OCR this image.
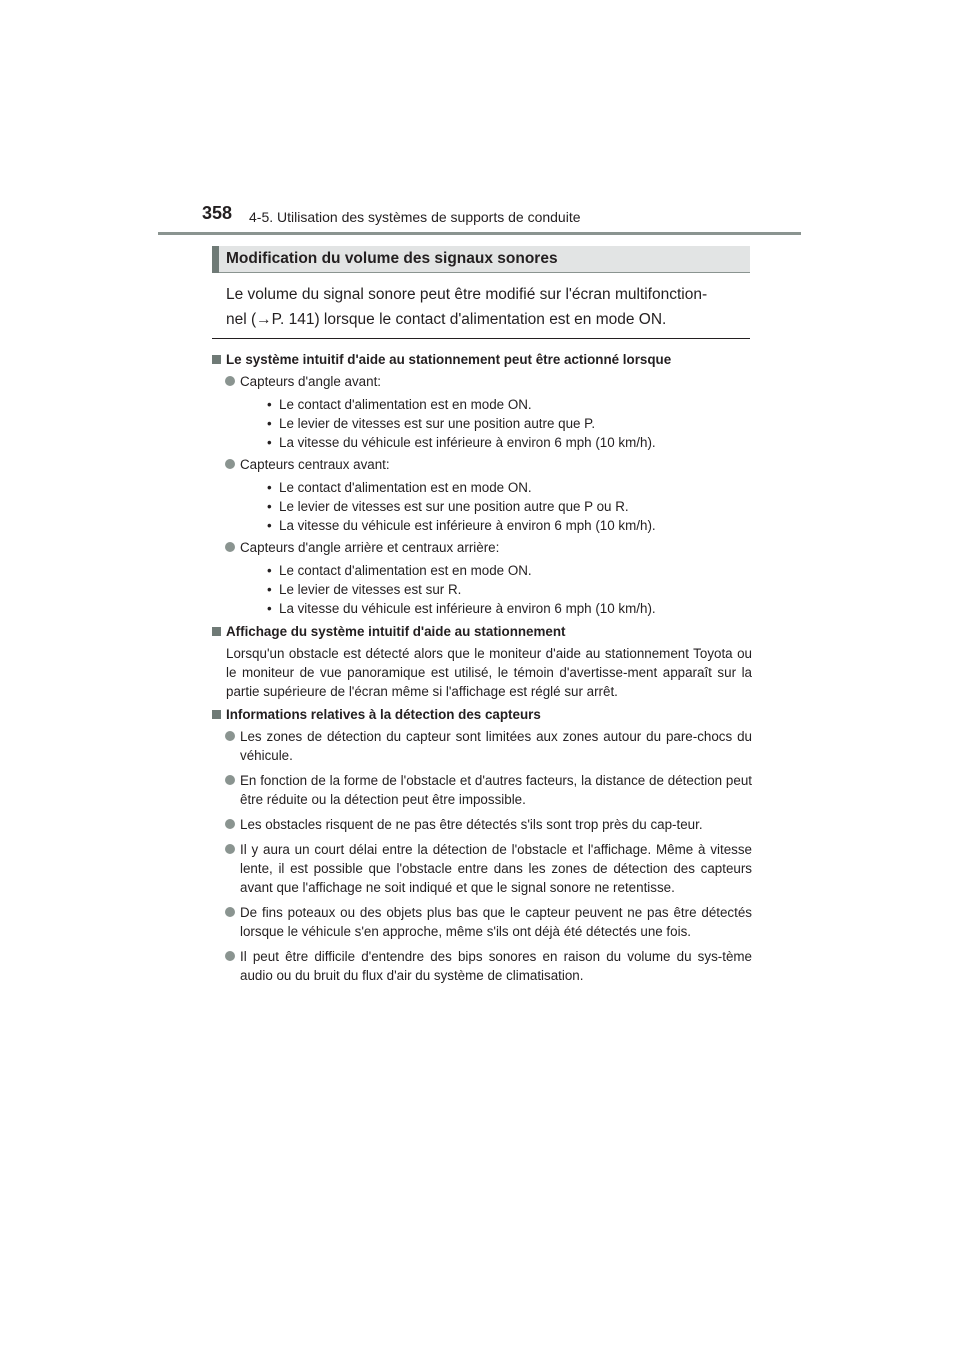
358 4-5. Utilisation des systèmes de supports de conduite
Modification du volume des signaux sonores

Le volume du signal sonore peut être modifié sur l'écran multifonction-

nel (→P. 141) lorsque le contact d'alimentation est en mode ON.

Le système intuitif d'aide au stationnement peut être actionné lorsque
Capteurs d'angle avant:
• Le contact d'alimentation est en mode ON.
• Le levier de vitesses est sur une position autre que P.
• La vitesse du véhicule est inférieure à environ 6 mph (10 km/h).
Capteurs centraux avant:
• Le contact d'alimentation est en mode ON.
• Le levier de vitesses est sur une position autre que P ou R.
• La vitesse du véhicule est inférieure à environ 6 mph (10 km/h).
Capteurs d'angle arrière et centraux arrière:
• Le contact d'alimentation est en mode ON.
• Le levier de vitesses est sur R.
• La vitesse du véhicule est inférieure à environ 6 mph (10 km/h).
Affichage du système intuitif d'aide au stationnement
Lorsqu'un obstacle est détecté alors que le moniteur d'aide au stationnement Toyota ou le moniteur de vue panoramique est utilisé, le témoin d'avertisse-ment apparaît sur la partie supérieure de l'écran même si l'affichage est réglé sur arrêt.
Informations relatives à la détection des capteurs
Les zones de détection du capteur sont limitées aux zones autour du pare-chocs du véhicule.
En fonction de la forme de l'obstacle et d'autres facteurs, la distance de détection peut être réduite ou la détection peut être impossible.
Les obstacles risquent de ne pas être détectés s'ils sont trop près du cap-teur.
Il y aura un court délai entre la détection de l'obstacle et l'affichage. Même à vitesse lente, il est possible que l'obstacle entre dans les zones de détection des capteurs avant que l'affichage ne soit indiqué et que le signal sonore ne retentisse.
De fins poteaux ou des objets plus bas que le capteur peuvent ne pas être détectés lorsque le véhicule s'en approche, même s'ils ont déjà été détectés une fois.
Il peut être difficile d'entendre des bips sonores en raison du volume du sys-tème audio ou du bruit du flux d'air du système de climatisation.
